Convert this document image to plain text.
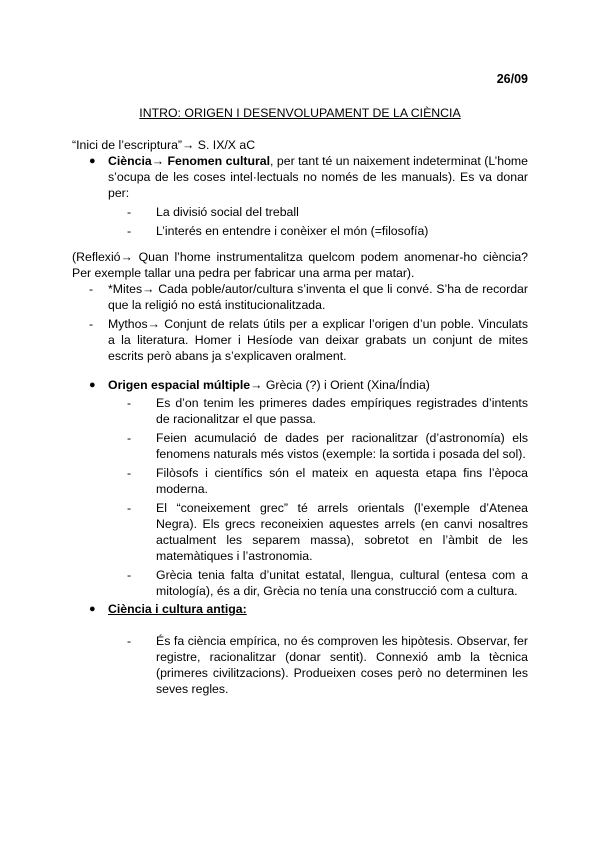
26/09
INTRO: ORIGEN I DESENVOLUPAMENT DE LA CIÈNCIA
“Inici de l’escriptura”→ S. IX/X aC
● Ciència→ Fenomen cultural, per tant té un naixement indeterminat (L’home s’ocupa de les coses intel·lectuals no només de les manuals). Es va donar per:
- La divisió social del treball
- L’interés en entendre i conèixer el món (=filosofía)
(Reflexió→ Quan l’home instrumentalitza quelcom podem anomenar-ho ciència? Per exemple tallar una pedra per fabricar una arma per matar).
- *Mites→ Cada poble/autor/cultura s’inventa el que li convé. S’ha de recordar que la religió no está institucionalitzada.
- Mythos→ Conjunt de relats útils per a explicar l’origen d’un poble. Vinculats a la literatura. Homer i Hesíode van deixar grabats un conjunt de mites escrits però abans ja s’explicaven oralment.
● Origen espacial múltiple→ Grècia (?) i Orient (Xina/Índia)
- Es d’on tenim les primeres dades empíriques registrades d’intents de racionalitzar el que passa.
- Feien acumulació de dades per racionalitzar (d’astronomía) els fenomens naturals més vistos (exemple: la sortida i posada del sol).
- Filòsofs i científics són el mateix en aquesta etapa fins l’època moderna.
- El “coneixement grec” té arrels orientals (l’exemple d’Atenea Negra). Els grecs reconeixien aquestes arrels (en canvi nosaltres actualment les separem massa), sobretot en l’àmbit de les matemàtiques i l’astronomia.
- Grècia tenia falta d’unitat estatal, llengua, cultural (entesa com a mitología), és a dir, Grècia no tenía una construcció com a cultura.
● Ciència i cultura antiga:
- És fa ciència empírica, no és comproven les hipòtesis. Observar, fer registre, racionalitzar (donar sentit). Connexió amb la tècnica (primeres civilitzacions). Produeixen coses però no determinen les seves regles.
